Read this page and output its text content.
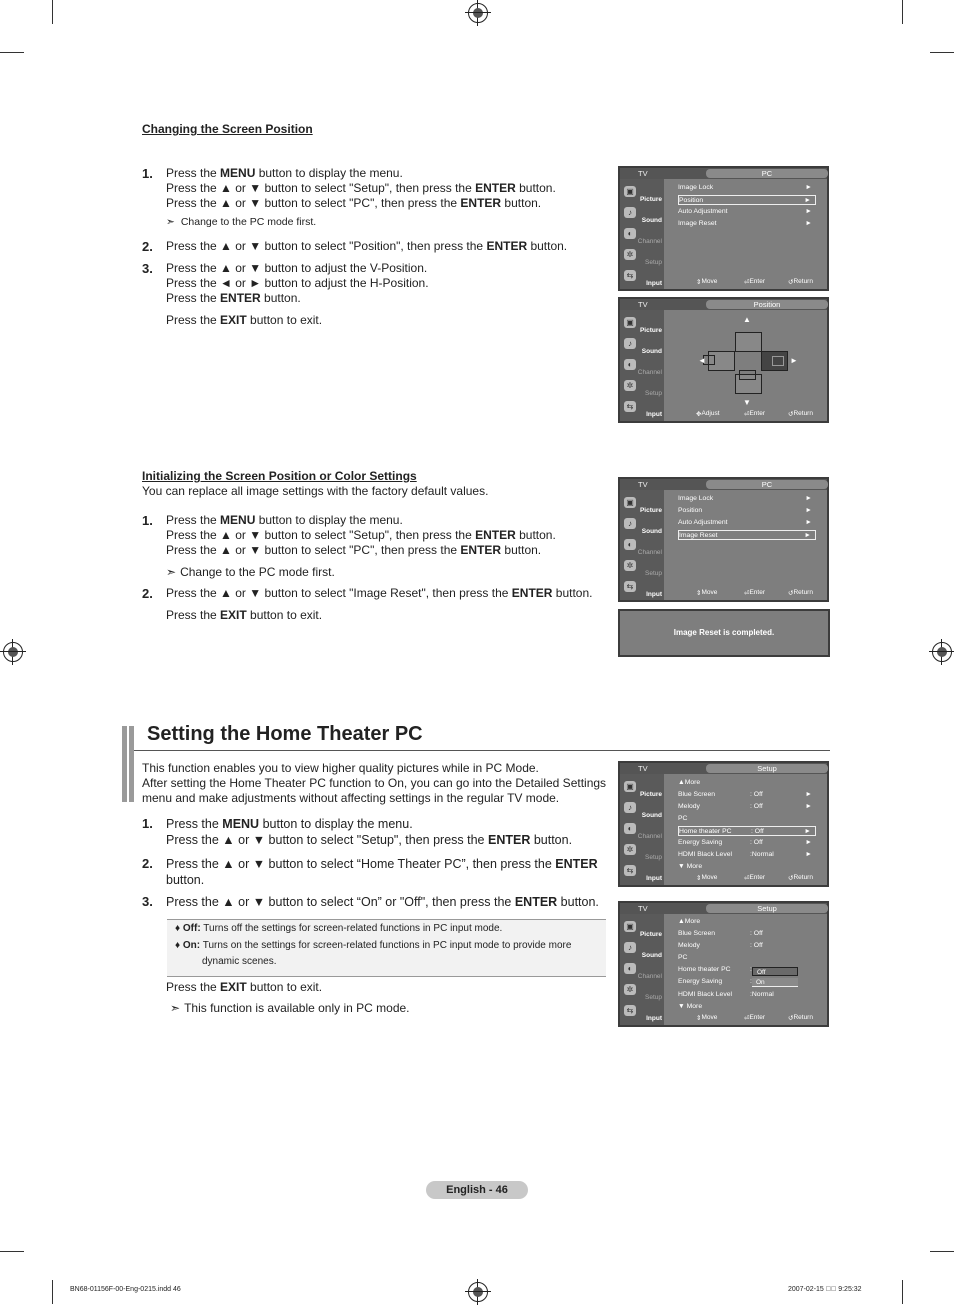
Changing the Screen Position
1. Press the MENU button to display the menu.
Press the ▲ or ▼ button to select "Setup", then press the ENTER button.
Press the ▲ or ▼ button to select "PC", then press the ENTER button.
➣ Change to the PC mode first.
2. Press the ▲ or ▼ button to select "Position", then press the ENTER button.
3. Press the ▲ or ▼ button to adjust the V-Position.
Press the ◄ or ► button to adjust the H-Position.
Press the ENTER button.
Press the EXIT button to exit.
TV	PC
▣
Picture
♪
Sound
◐
Channel
✲
Setup
⇆
Input
Image Lock	►
Position	►
Auto Adjustment	►
Image Reset	►
⇕ Move	⏎ Enter	↺ Return
TV	Position
▣
Picture
♪
Sound
◐
Channel
✲
Setup
⇆
Input
▲
▼
◄	►
✥ Adjust	⏎ Enter	↺ Return
Initializing the Screen Position or Color Settings
You can replace all image settings with the factory default values.
1. Press the MENU button to display the menu.
Press the ▲ or ▼ button to select "Setup", then press the ENTER button.
Press the ▲ or ▼ button to select "PC", then press the ENTER button.
➣ Change to the PC mode first.
2. Press the ▲ or ▼ button to select "Image Reset", then press the ENTER button.
Press the EXIT button to exit.
TV	PC
▣
Picture
♪
Sound
◐
Channel
✲
Setup
⇆
Input
Image Lock	►
Position	►
Auto Adjustment	►
Image Reset	►
⇕ Move	⏎ Enter	↺ Return
Image Reset is completed.
Setting the Home Theater PC
This function enables you to view higher quality pictures while in PC Mode.
After setting the Home Theater PC function to On, you can go into the Detailed Settings
menu and make adjustments without affecting settings in the regular TV mode.
1. Press the MENU button to display the menu.
Press the ▲ or ▼ button to select "Setup", then press the ENTER button.
2. Press the ▲ or ▼ button to select “Home Theater PC”, then press the ENTER
button.
3. Press the ▲ or ▼ button to select “On” or "Off", then press the ENTER button.
♦ Off: Turns off the settings for screen-related functions in PC input mode.
♦ On: Turns on the settings for screen-related functions in PC input mode to provide more
dynamic scenes.
Press the EXIT button to exit.
➣ This function is available only in PC mode.
TV	Setup
▣
Picture
♪
Sound
◐
Channel
✲
Setup
⇆
Input
▲More
Blue Screen	: Off	►
Melody	: Off	►
PC
Home theater PC	: Off	►
Energy Saving	: Off	►
HDMI Black Level	:Normal	►
▼ More
⇕ Move	⏎ Enter	↺ Return
TV	Setup
▣
Picture
♪
Sound
◐
Channel
✲
Setup
⇆
Input
▲More
Blue Screen	: Off
Melody	: Off
PC
Home theater PC	: Off
Energy Saving	: On
HDMI Black Level	:Normal
▼ More
⇕ Move	⏎ Enter	↺ Return
English - 46
BN68-01156F-00-Eng-0215.indd 46	2007-02-15 ￿￿ 9:25:32
